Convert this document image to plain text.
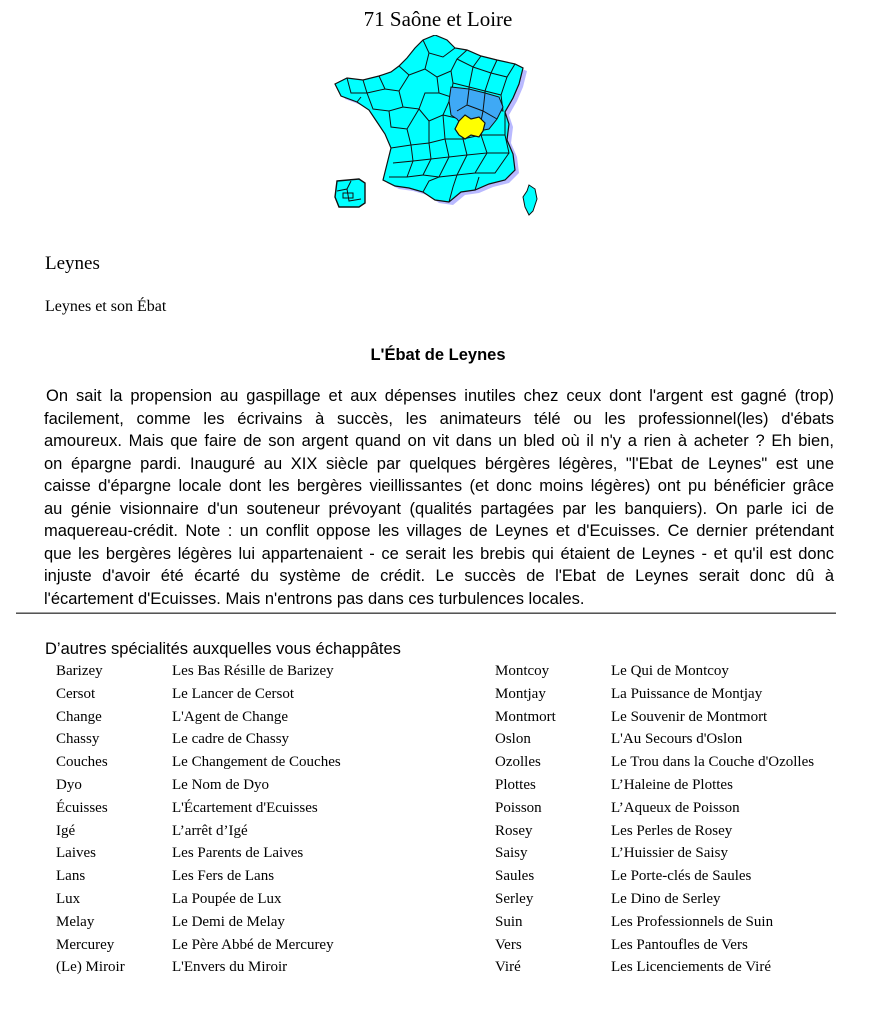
71 Saône et Loire
Leynes
Leynes et son Ébat
L'Ébat de Leynes
On sait la propension au gaspillage et aux dépenses inutiles chez ceux dont l'argent est gagné (trop)
facilement, comme les écrivains à succès, les animateurs télé ou les professionnel(les) d'ébats
amoureux. Mais que faire de son argent quand on vit dans un bled où il n'y a rien à acheter ? Eh bien,
on épargne pardi. Inauguré au XIX siècle par quelques bérgères légères, "l'Ebat de Leynes" est une
caisse d'épargne locale dont les bergères vieillissantes (et donc moins légères) ont pu bénéficier grâce
au génie visionnaire d'un souteneur prévoyant (qualités partagées par les banquiers). On parle ici de
maquereau-crédit. Note : un conflit oppose les villages de Leynes et d'Ecuisses. Ce dernier prétendant
que les bergères légères lui appartenaient - ce serait les brebis qui étaient de Leynes - et qu'il est donc
injuste d'avoir été écarté du système de crédit. Le succès de l'Ebat de Leynes serait donc dû à
l'écartement d'Ecuisses. Mais n'entrons pas dans ces turbulences locales.
D’autres spécialités auxquelles vous échappâtes
Barizey	Les Bas Résille de Barizey
Cersot	Le Lancer de Cersot
Change	L'Agent de Change
Chassy	Le cadre de Chassy
Couches	Le Changement de Couches
Dyo	Le Nom de Dyo
Écuisses	L'Écartement d'Ecuisses
Igé	L’arrêt d’Igé
Laives	Les Parents de Laives
Lans	Les Fers de Lans
Lux	La Poupée de Lux
Melay	Le Demi de Melay
Mercurey	Le Père Abbé de Mercurey
(Le) Miroir	L'Envers du Miroir
Montcoy	Le Qui de Montcoy
Montjay	La Puissance de Montjay
Montmort	Le Souvenir de Montmort
Oslon	L'Au Secours d'Oslon
Ozolles	Le Trou dans la Couche d'Ozolles
Plottes	L’Haleine de Plottes
Poisson	L’Aqueux de Poisson
Rosey	Les Perles de Rosey
Saisy	L’Huissier de Saisy
Saules	Le Porte-clés de Saules
Serley	Le Dino de Serley
Suin	Les Professionnels de Suin
Vers	Les Pantoufles de Vers
Viré	Les Licenciements de Viré
